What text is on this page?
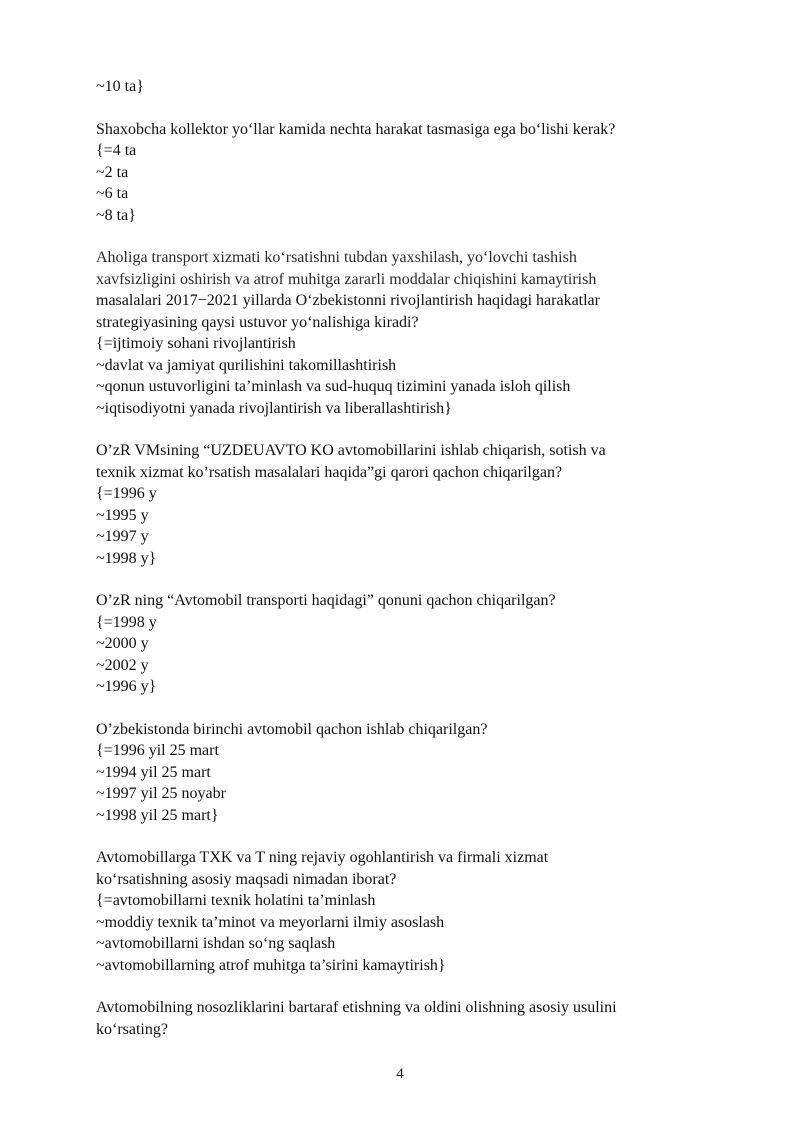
~10 ta}
Shaxobcha kollektor yo‘llar kamida nechta harakat tasmasiga ega bo‘lishi kerak?
{=4 ta
~2 ta
~6 ta
~8 ta}
Aholiga transport xizmati ko‘rsatishni tubdan yaxshilash, yo‘lovchi tashish
xavfsizligini oshirish va atrof muhitga zararli moddalar chiqishini kamaytirish
masalalari 2017−2021 yillarda O‘zbekistonni rivojlantirish haqidagi harakatlar
strategiyasining qaysi ustuvor yo‘nalishiga kiradi?
{=ijtimoiy sohani rivojlantirish
~davlat va jamiyat qurilishini takomillashtirish
~qonun ustuvorligini ta’minlash va sud-huquq tizimini yanada isloh qilish
~iqtisodiyotni yanada rivojlantirish va liberallashtirish}
O’zR VMsining “UZDEUAVTO KO avtomobillarini ishlab chiqarish, sotish va
texnik xizmat ko’rsatish masalalari haqida”gi qarori qachon chiqarilgan?
{=1996 y
~1995 y
~1997 y
~1998 y}
O’zR ning “Avtomobil transporti haqidagi” qonuni qachon chiqarilgan?
{=1998 y
~2000 y
~2002 y
~1996 y}
O’zbekistonda birinchi avtomobil qachon ishlab chiqarilgan?
{=1996 yil 25 mart
~1994 yil 25 mart
~1997 yil 25 noyabr
~1998 yil 25 mart}
Avtomobillarga TXK va T ning rejaviy ogohlantirish va firmali xizmat
ko‘rsatishning asosiy maqsadi nimadan iborat?
{=avtomobillarni texnik holatini ta’minlash
~moddiy texnik ta’minot va meyorlarni ilmiy asoslash
~avtomobillarni ishdan so‘ng saqlash
~avtomobillarning atrof muhitga ta’sirini kamaytirish}
Avtomobilning nosozliklarini bartaraf etishning va oldini olishning asosiy usulini
ko‘rsating?
4
